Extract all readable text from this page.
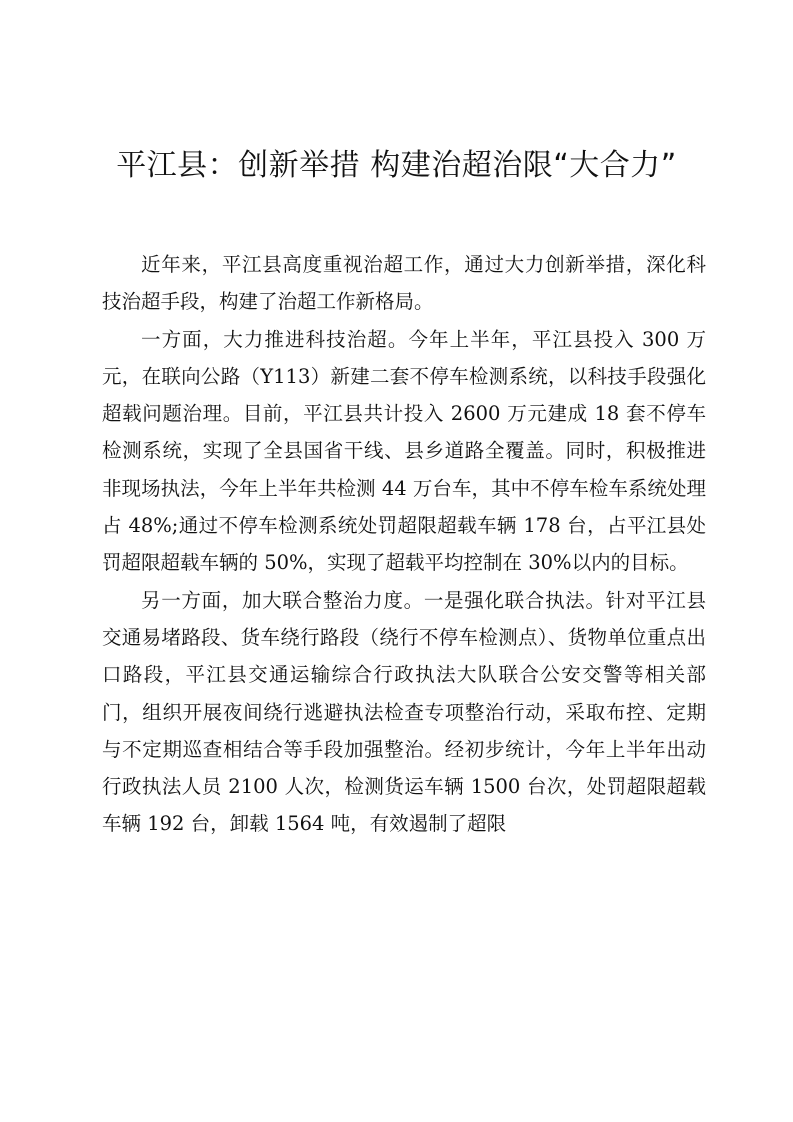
平江县：创新举措 构建治超治限“大合力”

近年来，平江县高度重视治超工作，通过大力创新举措，深化科技治超手段，构建了治超工作新格局。

一方面，大力推进科技治超。今年上半年，平江县投入 300 万元，在联向公路（Y113）新建二套不停车检测系统，以科技手段强化超载问题治理。目前，平江县共计投入 2600 万元建成 18 套不停车检测系统，实现了全县国省干线、县乡道路全覆盖。同时，积极推进非现场执法，今年上半年共检测 44 万台车，其中不停车检车系统处理占 48%;通过不停车检测系统处罚超限超载车辆 178 台，占平江县处罚超限超载车辆的 50%，实现了超载平均控制在 30%以内的目标。

另一方面，加大联合整治力度。一是强化联合执法。针对平江县交通易堵路段、货车绕行路段（绕行不停车检测点）、货物单位重点出口路段，平江县交通运输综合行政执法大队联合公安交警等相关部门，组织开展夜间绕行逃避执法检查专项整治行动，采取布控、定期与不定期巡查相结合等手段加强整治。经初步统计，今年上半年出动行政执法人员 2100 人次，检测货运车辆 1500 台次，处罚超限超载车辆 192 台，卸载 1564 吨，有效遏制了超限
